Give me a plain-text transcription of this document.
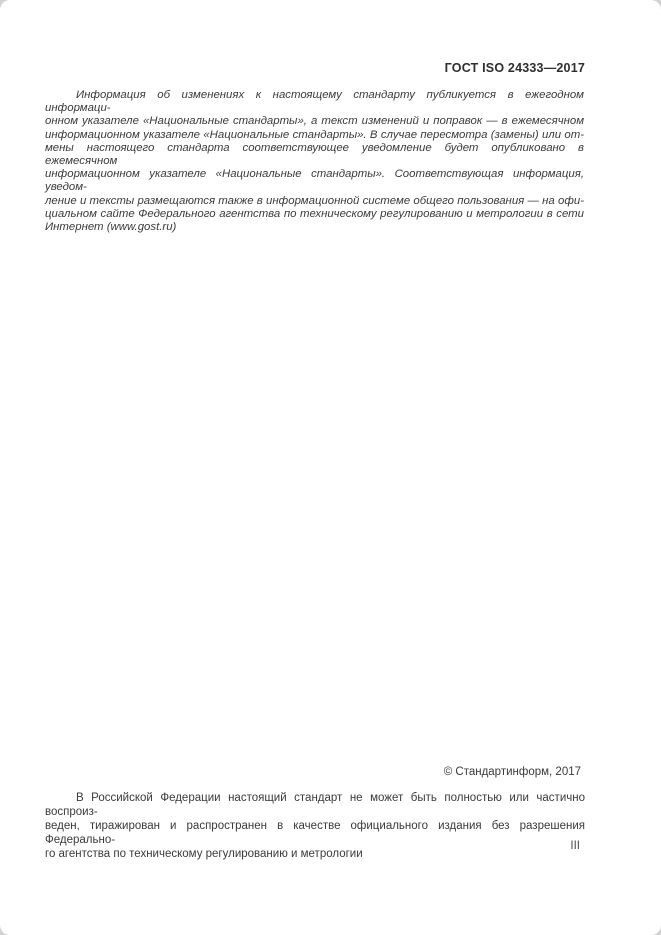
ГОСТ ISO 24333—2017
Информация об изменениях к настоящему стандарту публикуется в ежегодном информаци-
онном указателе «Национальные стандарты», а текст изменений и поправок — в ежемесячном
информационном указателе «Национальные стандарты». В случае пересмотра (замены) или от-
мены настоящего стандарта соответствующее уведомление будет опубликовано в ежемесячном
информационном указателе «Национальные стандарты». Соответствующая информация, уведом-
ление и тексты размещаются также в информационной системе общего пользования — на офи-
циальном сайте Федерального агентства по техническому регулированию и метрологии в сети
Интернет (www.gost.ru)
© Стандартинформ, 2017
В Российской Федерации настоящий стандарт не может быть полностью или частично воспроиз-
веден, тиражирован и распространен в качестве официального издания без разрешения Федерально-
го агентства по техническому регулированию и метрологии
III
